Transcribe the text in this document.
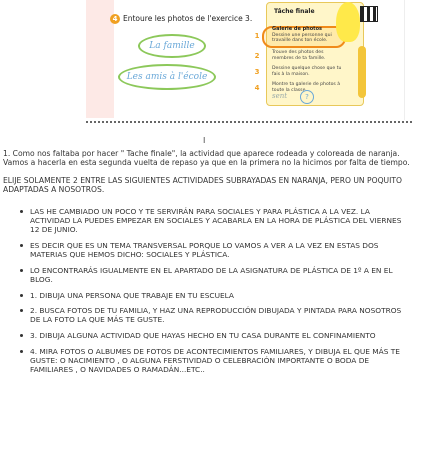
4 Entoure les photos de l'exercice 3.
La famille
Les amis à l'école
Tâche finale
1
Galerie de photos
Dessine une personne qui travaille dans ton école.
2	Trouve des photos des membres de ta famille.
3	Dessine quelque chose que tu fais à la maison.
4	Montre ta galerie de photos à toute la classe.
sent	?
I

1. Como nos faltaba por hacer " Tache finale", la actividad que aparece rodeada y coloreada de naranja.

Vamos a hacerla en esta segunda vuelta de repaso ya que en la primera no la hicimos por falta de tiempo.

ELIJE SOLAMENTE 2 ENTRE LAS SIGUIENTES ACTIVIDADES SUBRAYADAS EN NARANJA, PERO UN POQUITO ADAPTADAS A NOSOTROS.

LAS HE CAMBIADO UN POCO Y TE SERVIRÁN PARA SOCIALES Y PARA PLÁSTICA A LA VEZ. LA ACTIVIDAD LA PUEDES EMPEZAR EN SOCIALES Y ACABARLA EN LA HORA DE PLÁSTICA DEL VIERNES 12 DE JUNIO.
ES DECIR QUE ES UN TEMA TRANSVERSAL PORQUE LO VAMOS A VER A LA VEZ EN ESTAS DOS MATERIAS QUE HEMOS DICHO: SOCIALES Y PLÁSTICA.
LO ENCONTRARÁS IGUALMENTE EN EL APARTADO DE LA ASIGNATURA DE PLÁSTICA DE 1º A EN EL BLOG.
1. DIBUJA UNA PERSONA QUE TRABAJE EN TU ESCUELA
2. BUSCA FOTOS DE TU FAMILIA, Y HAZ UNA REPRODUCCIÓN DIBUJADA Y PINTADA PARA NOSOTROS DE LA FOTO LA QUE MÁS TE GUSTE.
3. DIBUJA ALGUNA ACTIVIDAD QUE HAYAS HECHO EN TU CASA DURANTE EL CONFINAMIENTO
4. MIRA FOTOS O ALBUMES DE FOTOS DE ACONTECIMIENTOS FAMILIARES, Y DIBUJA EL QUE MÁS TE GUSTE: O NACIMIENTO , O ALGUNA FERSTIVIDAD O CELEBRACIÓN IMPORTANTE O BODA DE FAMILIARES , O NAVIDADES O RAMADÁN...ETC..
